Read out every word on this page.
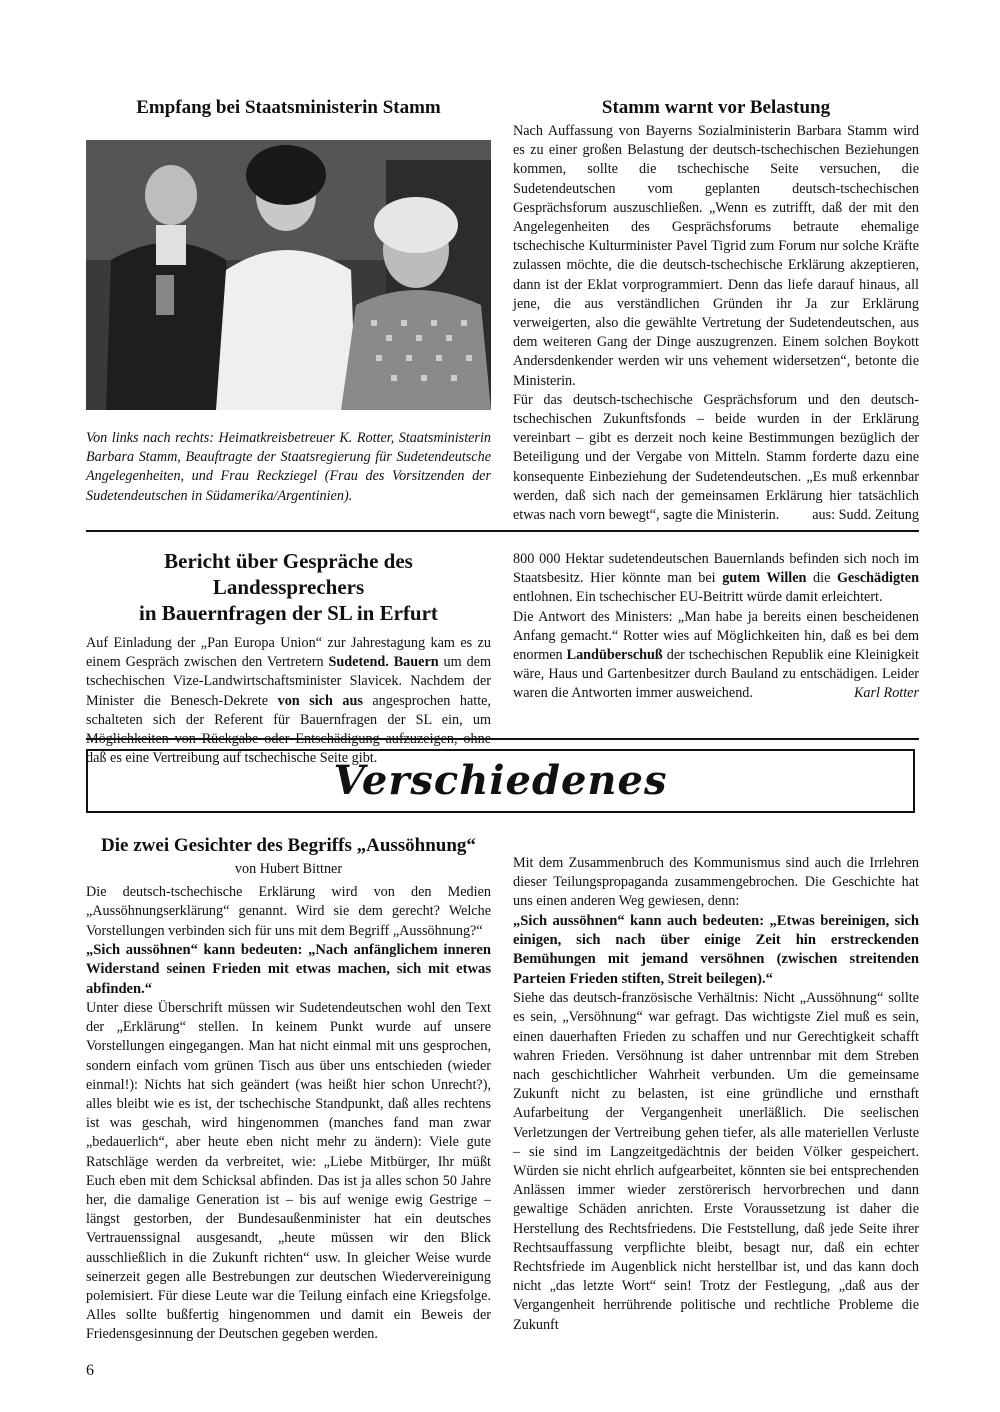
Empfang bei Staatsministerin Stamm

Von links nach rechts: Heimatkreisbetreuer K. Rotter, Staatsministerin Barbara Stamm, Beauftragte der Staatsregierung für Sudetendeutsche Angelegenheiten, und Frau Reckziegel (Frau des Vorsitzenden der Sudetendeutschen in Südamerika/Argentinien).

Stamm warnt vor Belastung

Nach Auffassung von Bayerns Sozialministerin Barbara Stamm wird es zu einer großen Belastung der deutsch-tschechischen Beziehungen kommen, sollte die tschechische Seite versuchen, die Sudetendeutschen vom geplanten deutsch-tschechischen Gesprächsforum auszuschließen. „Wenn es zutrifft, daß der mit den Angelegenheiten des Gesprächsforums betraute ehemalige tschechische Kulturminister Pavel Tigrid zum Forum nur solche Kräfte zulassen möchte, die die deutsch-tschechische Erklärung akzeptieren, dann ist der Eklat vorprogrammiert. Denn das liefe darauf hinaus, all jene, die aus verständlichen Gründen ihr Ja zur Erklärung verweigerten, also die gewählte Vertretung der Sudetendeutschen, aus dem weiteren Gang der Dinge auszugrenzen. Einem solchen Boykott Andersdenkender werden wir uns vehement widersetzen“, betonte die Ministerin.

Für das deutsch-tschechische Gesprächsforum und den deutsch-tschechischen Zukunftsfonds – beide wurden in der Erklärung vereinbart – gibt es derzeit noch keine Bestimmungen bezüglich der Beteiligung und der Vergabe von Mitteln. Stamm forderte dazu eine konsequente Einbeziehung der Sudetendeutschen. „Es muß erkennbar werden, daß sich nach der gemeinsamen Erklärung hier tatsächlich etwas nach vorn bewegt“, sagte die Ministerin. aus: Sudd. Zeitung

Bericht über Gespräche des Landessprechers
in Bauernfragen der SL in Erfurt

Auf Einladung der „Pan Europa Union“ zur Jahrestagung kam es zu einem Gespräch zwischen den Vertretern Sudetend. Bauern um dem tschechischen Vize-Landwirtschaftsminister Slavicek. Nachdem der Minister die Benesch-Dekrete von sich aus angesprochen hatte, schalteten sich der Referent für Bauernfragen der SL ein, um daß es eine Vertreibung auf tschechische Seite gibt.

800 000 Hektar sudetendeutschen Bauernlands befinden sich noch im Staatsbesitz. Hier könnte man bei gutem Willen die Geschädigten entlohnen. Ein tschechischer EU-Beitritt würde damit erleichtert.

Die Antwort des Ministers: „Man habe ja bereits einen bescheidenen Anfang gemacht.“ Rotter wies auf Möglichkeiten hin, daß es bei dem enormen Landüberschuß der tschechischen Republik eine Kleinigkeit wäre, Haus und Gartenbesitzer durch Bauland zu entschädigen. Leider waren die Antworten immer ausweichend.	Karl Rotter

Verschiedenes
Die zwei Gesichter des Begriffs „Aussöhnung“
von Hubert Bittner

Die deutsch-tschechische Erklärung wird von den Medien „Aussöhnungserklärung“ genannt. Wird sie dem gerecht? Welche Vorstellungen verbinden sich für uns mit dem Begriff „Aussöhnung?“

„Sich aussöhnen“ kann bedeuten: „Nach anfänglichem inneren Widerstand seinen Frieden mit etwas machen, sich mit etwas abfinden.“

Unter diese Überschrift müssen wir Sudetendeutschen wohl den Text der „Erklärung“ stellen. In keinem Punkt wurde auf unsere Vorstellungen eingegangen. Man hat nicht einmal mit uns gesprochen, sondern einfach vom grünen Tisch aus über uns entschieden (wieder einmal!): Nichts hat sich geändert (was heißt hier schon Unrecht?), alles bleibt wie es ist, der tschechische Standpunkt, daß alles rechtens ist was geschah, wird hingenommen (manches fand man zwar „bedauerlich“, aber heute eben nicht mehr zu ändern): Viele gute Ratschläge werden da verbreitet, wie: „Liebe Mitbürger, Ihr müßt Euch eben mit dem Schicksal abfinden. Das ist ja alles schon 50 Jahre her, die damalige Generation ist – bis auf wenige ewig Gestrige – längst gestorben, der Bundesaußenminister hat ein deutsches Vertrauenssignal ausgesandt, „heute müssen wir den Blick ausschließlich in die Zukunft richten“ usw. In gleicher Weise wurde seinerzeit gegen alle Bestrebungen zur deutschen Wiedervereinigung polemisiert. Für diese Leute war die Teilung einfach eine Kriegsfolge. Alles sollte bußfertig hingenommen und damit ein Beweis der Friedensgesinnung der Deutschen gegeben werden.

Mit dem Zusammenbruch des Kommunismus sind auch die Irrlehren dieser Teilungspropaganda zusammengebrochen. Die Geschichte hat uns einen anderen Weg gewiesen, denn:

„Sich aussöhnen“ kann auch bedeuten: „Etwas bereinigen, sich einigen, sich nach über einige Zeit hin erstreckenden Bemühungen mit jemand versöhnen (zwischen streitenden Parteien Frieden stiften, Streit beilegen).“

Siehe das deutsch-französische Verhältnis: Nicht „Aussöhnung“ sollte es sein, „Versöhnung“ war gefragt. Das wichtigste Ziel muß es sein, einen dauerhaften Frieden zu schaffen und nur Gerechtigkeit schafft wahren Frieden. Versöhnung ist daher untrennbar mit dem Streben nach geschichtlicher Wahrheit verbunden. Um die gemeinsame Zukunft nicht zu belasten, ist eine gründliche und ernsthaft Aufarbeitung der Vergangenheit unerläßlich. Die seelischen Verletzungen der Vertreibung gehen tiefer, als alle materiellen Verluste – sie sind im Langzeitgedächtnis der beiden Völker gespeichert. Würden sie nicht ehrlich aufgearbeitet, könnten sie bei entsprechenden Anlässen immer wieder zerstörerisch hervorbrechen und dann gewaltige Schäden anrichten. Erste Voraussetzung ist daher die Herstellung des Rechtsfriedens. Die Feststellung, daß jede Seite ihrer Rechtsauffassung verpflichte bleibt, besagt nur, daß ein echter Rechtsfriede im Augenblick nicht herstellbar ist, und das kann doch nicht „das letzte Wort“ sein! Trotz der Festlegung, „daß aus der Vergangenheit herrührende politische und rechtliche Probleme die Zukunft

6
